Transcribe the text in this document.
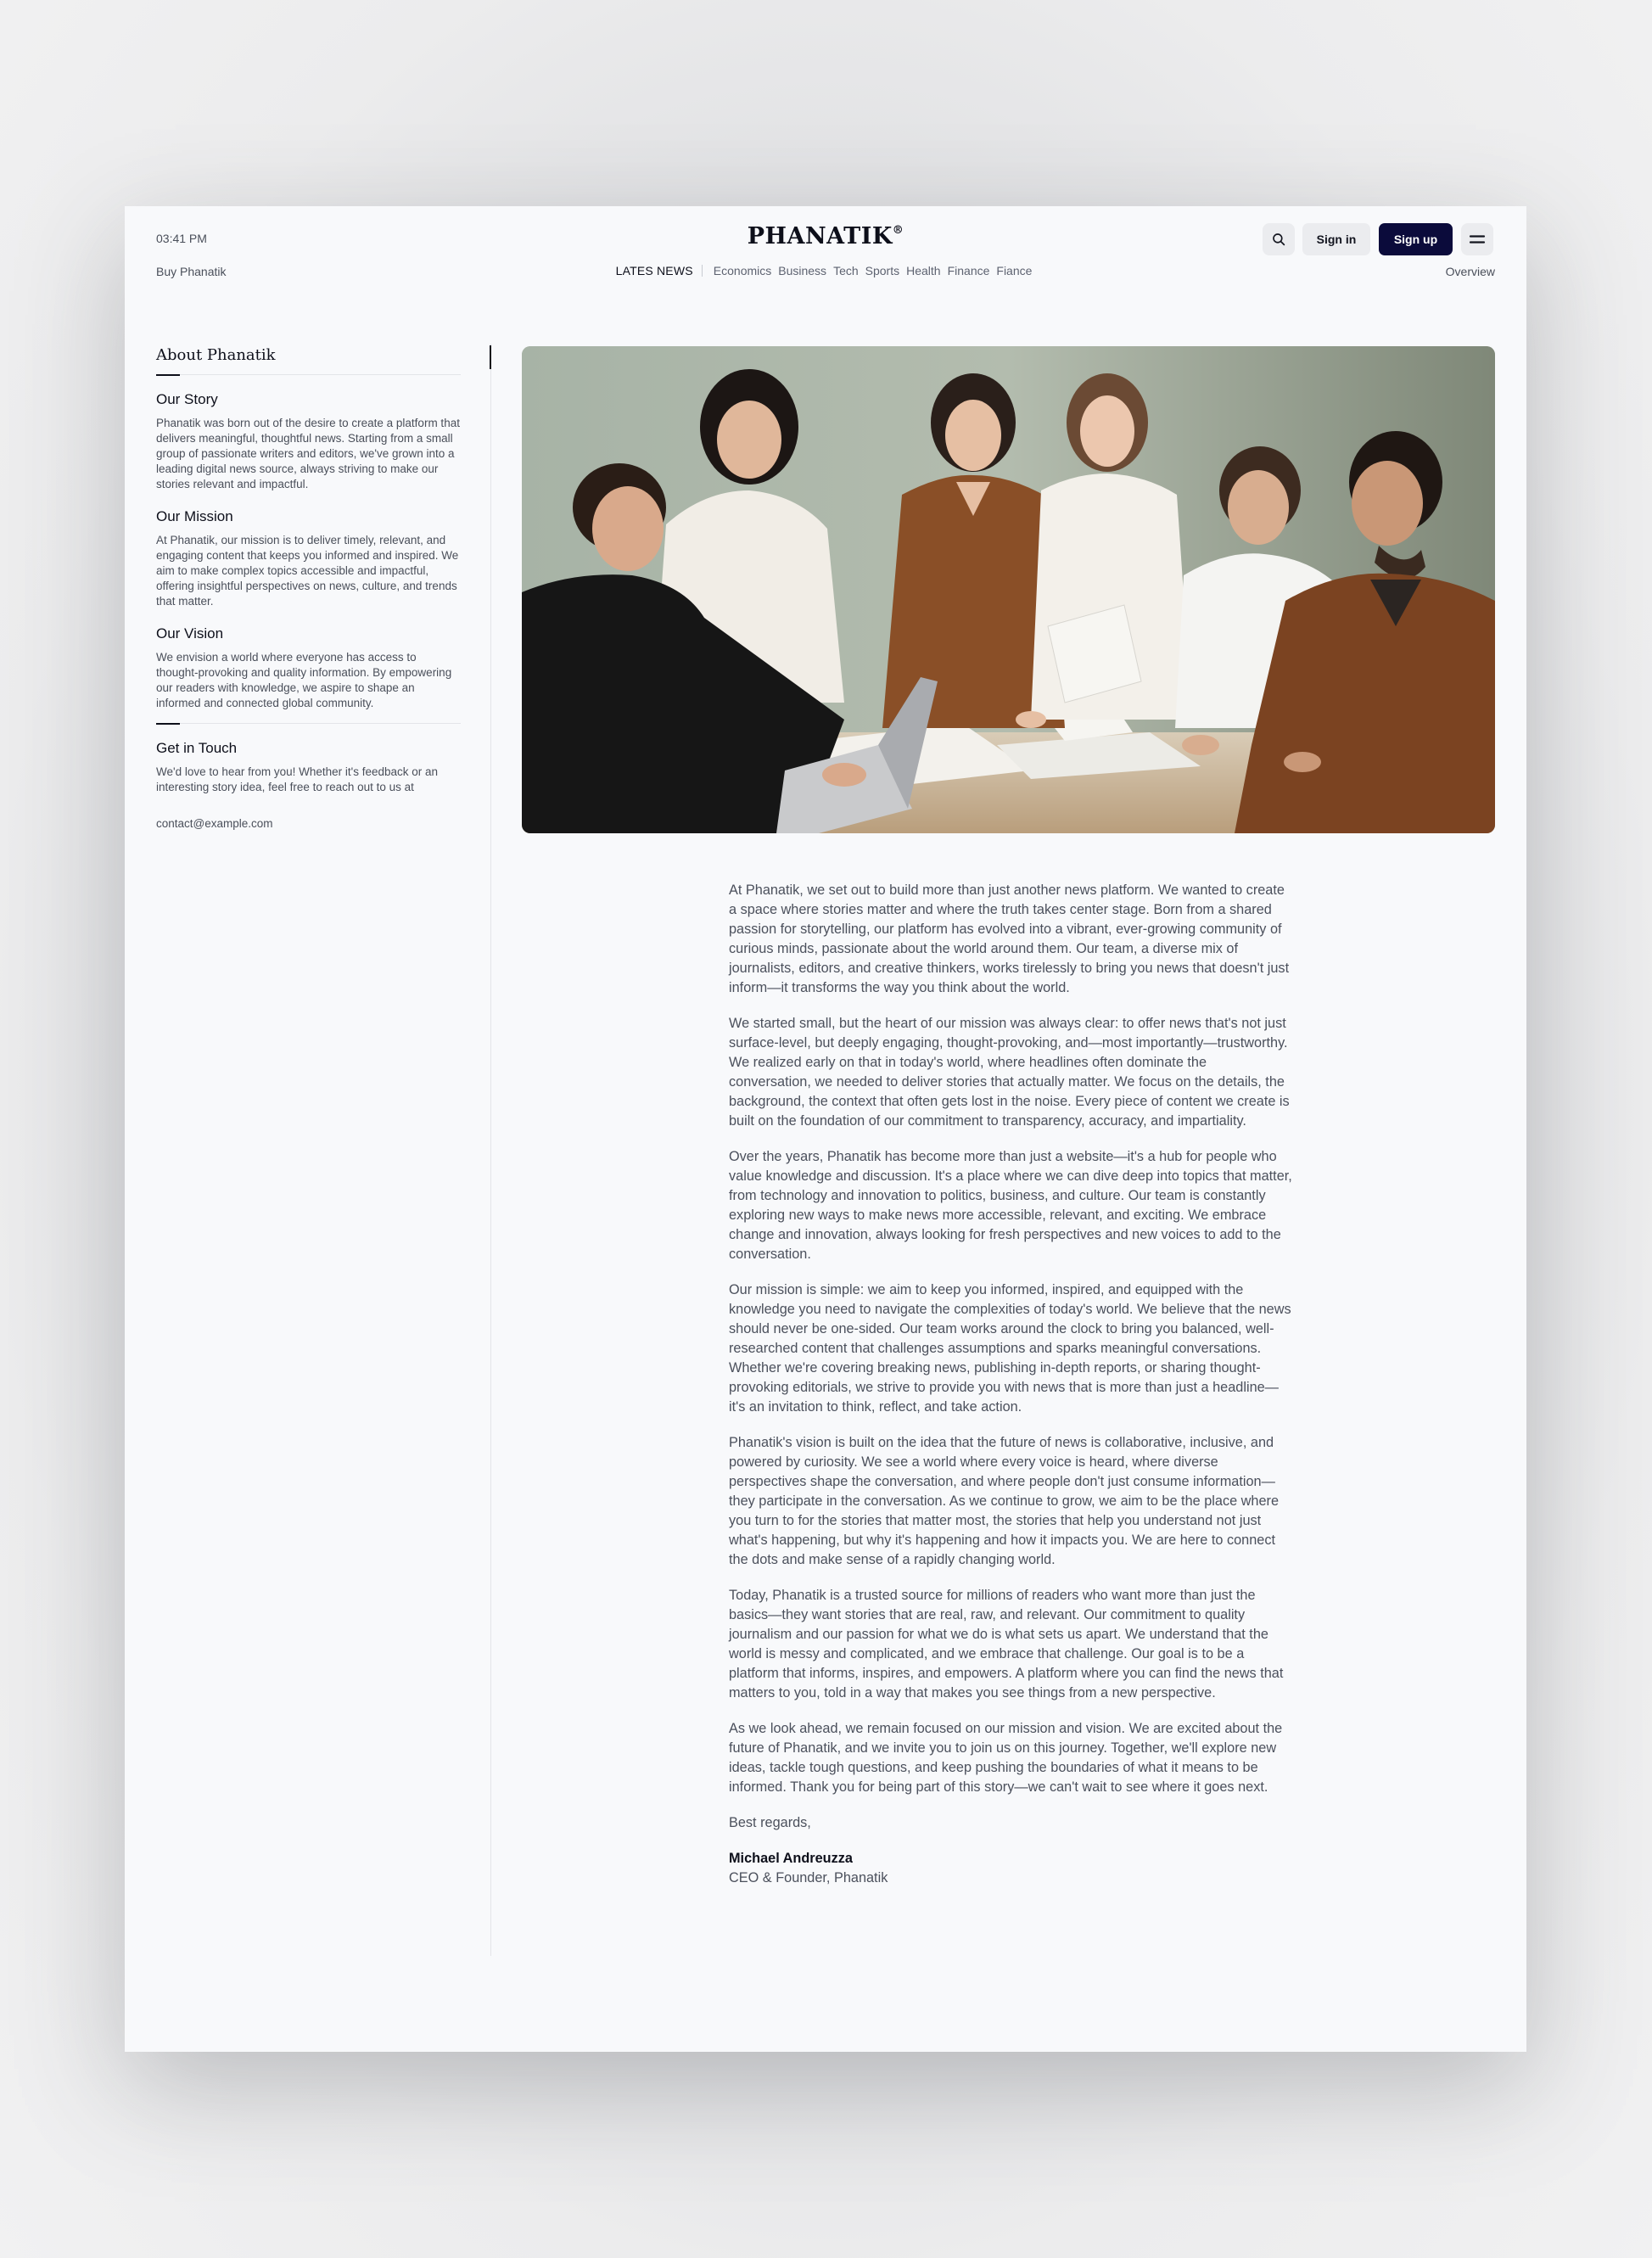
03:41 PM
Buy Phanatik
PHANATIK®
LATES NEWS Economics Business Tech Sports Health Finance Fiance	Overview
Sign in	Sign up
About Phanatik
Our Story
Phanatik was born out of the desire to create a platform that delivers meaningful, thoughtful news. Starting from a small group of passionate writers and editors, we've grown into a leading digital news source, always striving to make our stories relevant and impactful.
Our Mission
At Phanatik, our mission is to deliver timely, relevant, and engaging content that keeps you informed and inspired. We aim to make complex topics accessible and impactful, offering insightful perspectives on news, culture, and trends that matter.
Our Vision
We envision a world where everyone has access to thought-provoking and quality information. By empowering our readers with knowledge, we aspire to shape an informed and connected global community.
Get in Touch
We'd love to hear from you! Whether it's feedback or an interesting story idea, feel free to reach out to us at
contact@example.com

At Phanatik, we set out to build more than just another news platform. We wanted to create a space where stories matter and where the truth takes center stage. Born from a shared passion for storytelling, our platform has evolved into a vibrant, ever-growing community of curious minds, passionate about the world around them. Our team, a diverse mix of journalists, editors, and creative thinkers, works tirelessly to bring you news that doesn't just inform—it transforms the way you think about the world.

We started small, but the heart of our mission was always clear: to offer news that's not just surface-level, but deeply engaging, thought-provoking, and—most importantly—trustworthy. We realized early on that in today's world, where headlines often dominate the conversation, we needed to deliver stories that actually matter. We focus on the details, the background, the context that often gets lost in the noise. Every piece of content we create is built on the foundation of our commitment to transparency, accuracy, and impartiality.

Over the years, Phanatik has become more than just a website—it's a hub for people who value knowledge and discussion. It's a place where we can dive deep into topics that matter, from technology and innovation to politics, business, and culture. Our team is constantly exploring new ways to make news more accessible, relevant, and exciting. We embrace change and innovation, always looking for fresh perspectives and new voices to add to the conversation.

Our mission is simple: we aim to keep you informed, inspired, and equipped with the knowledge you need to navigate the complexities of today's world. We believe that the news should never be one-sided. Our team works around the clock to bring you balanced, well-researched content that challenges assumptions and sparks meaningful conversations. Whether we're covering breaking news, publishing in-depth reports, or sharing thought-provoking editorials, we strive to provide you with news that is more than just a headline—it's an invitation to think, reflect, and take action.

Phanatik's vision is built on the idea that the future of news is collaborative, inclusive, and powered by curiosity. We see a world where every voice is heard, where diverse perspectives shape the conversation, and where people don't just consume information—they participate in the conversation. As we continue to grow, we aim to be the place where you turn to for the stories that matter most, the stories that help you understand not just what's happening, but why it's happening and how it impacts you. We are here to connect the dots and make sense of a rapidly changing world.

Today, Phanatik is a trusted source for millions of readers who want more than just the basics—they want stories that are real, raw, and relevant. Our commitment to quality journalism and our passion for what we do is what sets us apart. We understand that the world is messy and complicated, and we embrace that challenge. Our goal is to be a platform that informs, inspires, and empowers. A platform where you can find the news that matters to you, told in a way that makes you see things from a new perspective.

As we look ahead, we remain focused on our mission and vision. We are excited about the future of Phanatik, and we invite you to join us on this journey. Together, we'll explore new ideas, tackle tough questions, and keep pushing the boundaries of what it means to be informed. Thank you for being part of this story—we can't wait to see where it goes next.

Best regards,

Michael Andreuzza
CEO & Founder, Phanatik
